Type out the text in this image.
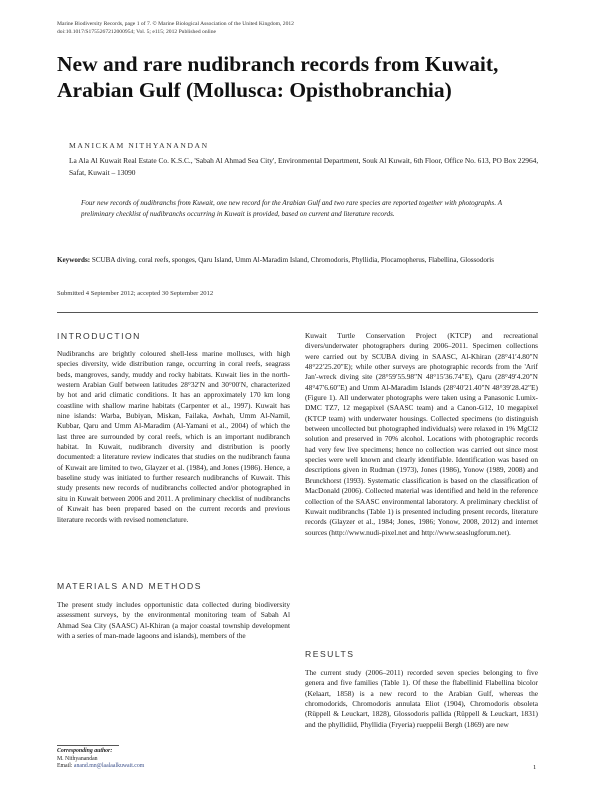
Marine Biodiversity Records, page 1 of 7. © Marine Biological Association of the United Kingdom, 2012
doi:10.1017/S1755267212000954; Vol. 5; e115; 2012 Published online
New and rare nudibranch records from Kuwait, Arabian Gulf (Mollusca: Opisthobranchia)
MANICKAM NITHYANANDAN
La Ala Al Kuwait Real Estate Co. K.S.C., 'Sabah Al Ahmad Sea City', Environmental Department, Souk Al Kuwait, 6th Floor, Office No. 613, PO Box 22964, Safat, Kuwait – 13090
Four new records of nudibranchs from Kuwait, one new record for the Arabian Gulf and two rare species are reported together with photographs. A preliminary checklist of nudibranchs occurring in Kuwait is provided, based on current and literature records.
Keywords: SCUBA diving, coral reefs, sponges, Qaru Island, Umm Al-Maradim Island, Chromodoris, Phyllidia, Plocamopherus, Flabellina, Glossodoris
Submitted 4 September 2012; accepted 30 September 2012
INTRODUCTION

Nudibranchs are brightly coloured shell-less marine molluscs, with high species diversity, wide distribution range, occurring in coral reefs, seagrass beds, mangroves, sandy, muddy and rocky habitats. Kuwait lies in the north-western Arabian Gulf between latitudes 28°32′N and 30°00′N, characterized by hot and arid climatic conditions. It has an approximately 170 km long coastline with shallow marine habitats (Carpenter et al., 1997). Kuwait has nine islands: Warba, Bubiyan, Miskan, Failaka, Awhah, Umm Al-Namil, Kubbar, Qaru and Umm Al-Maradim (Al-Yamani et al., 2004) of which the last three are surrounded by coral reefs, which is an important nudibranch habitat. In Kuwait, nudibranch diversity and distribution is poorly documented: a literature review indicates that studies on the nudibranch fauna of Kuwait are limited to two, Glayzer et al. (1984), and Jones (1986). Hence, a baseline study was initiated to further research nudibranchs of Kuwait. This study presents new records of nudibranchs collected and/or photographed in situ in Kuwait between 2006 and 2011. A preliminary checklist of nudibranchs of Kuwait has been prepared based on the current records and previous literature records with revised nomenclature.

MATERIALS AND METHODS

The present study includes opportunistic data collected during biodiversity assessment surveys, by the environmental monitoring team of Sabah Al Ahmad Sea City (SAASC) Al-Khiran (a major coastal township development with a series of man-made lagoons and islands), members of the

Corresponding author:
M. Nithyanandan
Email: anand.mn@laalaalkuwait.com

Kuwait Turtle Conservation Project (KTCP) and recreational divers/underwater photographers during 2006–2011. Specimen collections were carried out by SCUBA diving in SAASC, Al-Khiran (28°41′4.80″N 48°22′25.20″E); while other surveys are photographic records from the 'Arif Jan'-wreck diving site (28°59′55.98″N 48°15′36.74″E), Qaru (28°49′4.20″N 48°47′6.60″E) and Umm Al-Maradim Islands (28°40′21.40″N 48°39′28.42″E) (Figure 1). All underwater photographs were taken using a Panasonic Lumix-DMC TZ7, 12 megapixel (SAASC team) and a Canon-G12, 10 megapixel (KTCP team) with underwater housings. Collected specimens (to distinguish between uncollected but photographed individuals) were relaxed in 1% MgCl2 solution and preserved in 70% alcohol. Locations with photographic records had very few live specimens; hence no collection was carried out since most species were well known and clearly identifiable. Identification was based on descriptions given in Rudman (1973), Jones (1986), Yonow (1989, 2008) and Brunckhorst (1993). Systematic classification is based on the classification of MacDonald (2006). Collected material was identified and held in the reference collection of the SAASC environmental laboratory. A preliminary checklist of Kuwait nudibranchs (Table 1) is presented including present records, literature records (Glayzer et al., 1984; Jones, 1986; Yonow, 2008, 2012) and internet sources (http://www.nudi-pixel.net and http://www.seaslugforum.net).

RESULTS

The current study (2006–2011) recorded seven species belonging to five genera and five families (Table 1). Of these the flabellinid Flabellina bicolor (Kelaart, 1858) is a new record to the Arabian Gulf, whereas the chromodorids, Chromodoris annulata Eliot (1904), Chromodoris obsoleta (Rüppell & Leuckart, 1828), Glossodoris pallida (Rüppell & Leuckart, 1831) and the phyllidiid, Phyllidia (Fryeria) rueppelii Bergh (1869) are new

1
